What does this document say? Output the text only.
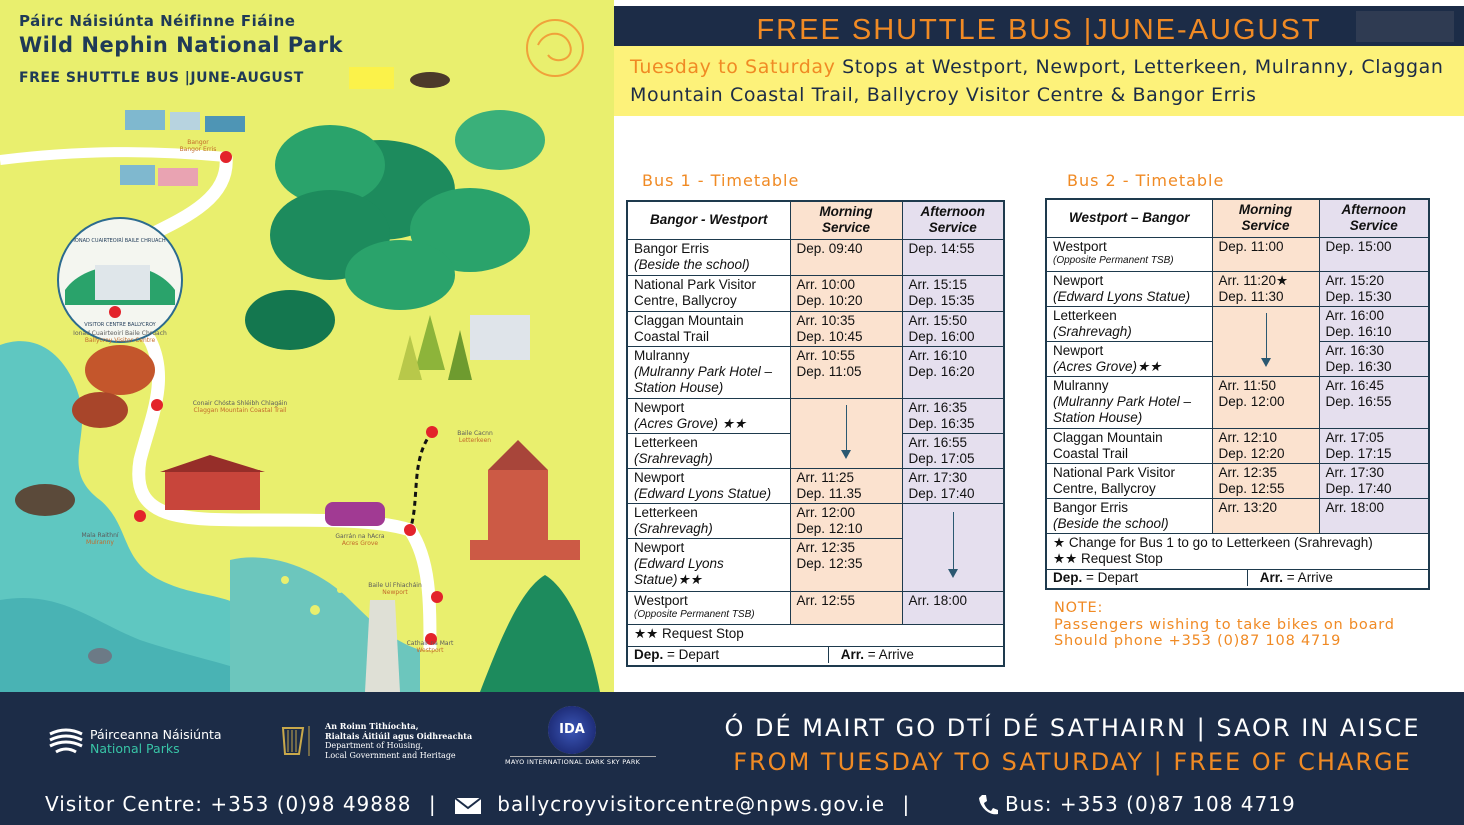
Páirc Náisiúnta Néifinne Fiáine
Wild Nephin National Park
FREE SHUTTLE BUS |JUNE-AUGUST
Bangor
Bangor Erris
Ionad Cuairteoirí Baile Chruach
Ballycroy Visitor Centre
Conair Chósta Shléibh Chlagáin
Claggan Mountain Coastal Trail
Baile Cacnn
Letterkeen
Mala Raithní
Mulranny
Garrán na hAcra
Acres Grove
Baile Uí Fhiacháin
Newport
Cathair na Mart
Westport
IONAD CUAIRTEOIRÍ BAILE CHRUACH
VISITOR CENTRE BALLYCROY
FREE SHUTTLE BUS |JUNE-AUGUST
Tuesday to Saturday Stops at Westport, Newport, Letterkeen, Mulranny, Claggan Mountain Coastal Trail, Ballycroy Visitor Centre & Bangor Erris
Bus 1 - Timetable
Bangor - Westport	Morning
Service	Afternoon
Service

Bangor Erris
(Beside the school)	Dep. 09:40	Dep. 14:55

National Park Visitor
Centre, Ballycroy	Arr. 10:00
Dep. 10:20	Arr. 15:15
Dep. 15:35

Claggan Mountain
Coastal Trail	Arr. 10:35
Dep. 10:45	Arr. 15:50
Dep. 16:00

Mulranny
(Mulranny Park Hotel –
Station House)	Arr. 10:55
Dep. 11:05	Arr. 16:10
Dep. 16:20

Newport
(Acres Grove) ★★		Arr. 16:35
Dep. 16:35

Letterkeen
(Srahrevagh)		Arr. 16:55
Dep. 17:05

Newport
(Edward Lyons Statue)	Arr. 11:25
Dep. 11.35	Arr. 17:30
Dep. 17:40

Letterkeen
(Srahrevagh)	Arr. 12:00
Dep. 12:10	

Newport
(Edward Lyons
Statue)★★	Arr. 12:35
Dep. 12:35	

Westport
(Opposite Permanent TSB)	Arr. 12:55	Arr. 18:00

★★ Request Stop		
Dep. = Depart Arr. = Arrive		
Bus 2 - Timetable
Westport – Bangor	Morning
Service	Afternoon
Service

Westport
(Opposite Permanent TSB)	Dep. 11:00	Dep. 15:00

Newport
(Edward Lyons Statue)	Arr. 11:20★
Dep. 11:30	Arr. 15:20
Dep. 15:30

Letterkeen
(Srahrevagh)		Arr. 16:00
Dep. 16:10

Newport
(Acres Grove)★★		Arr. 16:30
Dep. 16:30

Mulranny
(Mulranny Park Hotel –
Station House)	Arr. 11:50
Dep. 12:00	Arr. 16:45
Dep. 16:55

Claggan Mountain
Coastal Trail	Arr. 12:10
Dep. 12:20	Arr. 17:05
Dep. 17:15

National Park Visitor
Centre, Ballycroy	Arr. 12:35
Dep. 12:55	Arr. 17:30
Dep. 17:40

Bangor Erris
(Beside the school)	Arr. 13:20	Arr. 18:00

★ Change for Bus 1 to go to Letterkeen (Srahrevagh)
★★ Request Stop		

Dep. = Depart Arr. = Arrive		
NOTE:
Passengers wishing to take bikes on board
Should phone +353 (0)87 108 4719
Páirceanna Náisiúnta
National Parks
An Roinn Tithíochta,
Rialtais Áitiúil agus Oidhreachta
Department of Housing,
Local Government and Heritage
IDA
MAYO INTERNATIONAL DARK SKY PARK
Ó DÉ MAIRT GO DTÍ DÉ SATHAIRN | SAOR IN AISCE
FROM TUESDAY TO SATURDAY | FREE OF CHARGE
Visitor Centre: +353 (0)98 49888 |	ballycroyvisitorcentre@npws.gov.ie |	Bus: +353 (0)87 108 4719
